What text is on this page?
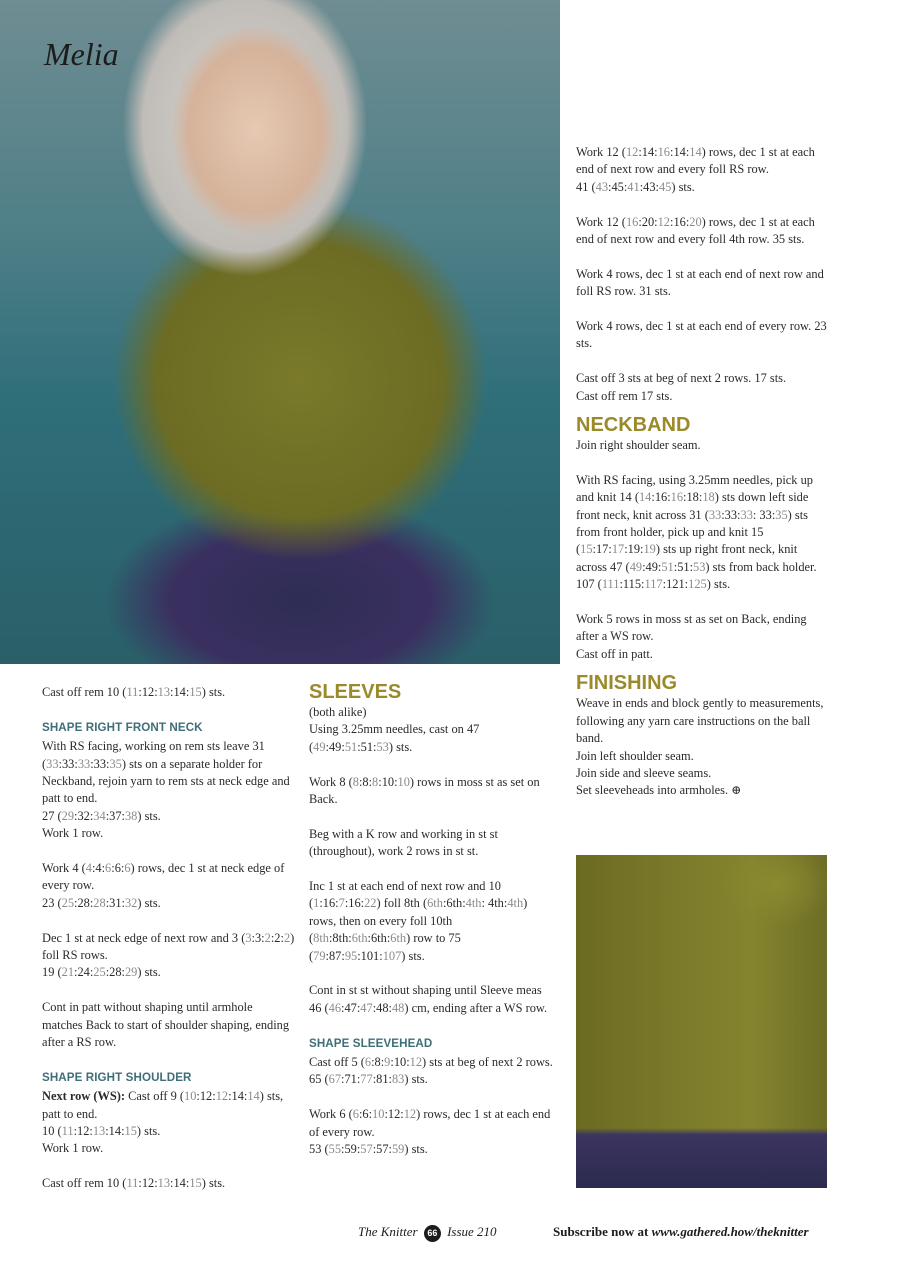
Melia

Cast off rem 10 (11:12:13:14:15) sts.

SHAPE RIGHT FRONT NECK

With RS facing, working on rem sts leave 31 (33:33:33:33:35) sts on a separate holder for Neckband, rejoin yarn to rem sts at neck edge and patt to end.

27 (29:32:34:37:38) sts.

Work 1 row.

Work 4 (4:4:6:6:6) rows, dec 1 st at neck edge of every row.

23 (25:28:28:31:32) sts.

Dec 1 st at neck edge of next row and 3 (3:3:2:2:2) foll RS rows.

19 (21:24:25:28:29) sts.

Cont in patt without shaping until armhole matches Back to start of shoulder shaping, ending after a RS row.

SHAPE RIGHT SHOULDER

Next row (WS): Cast off 9 (10:12:12:14:14) sts, patt to end.

10 (11:12:13:14:15) sts.

Work 1 row.

Cast off rem 10 (11:12:13:14:15) sts.

SLEEVES

(both alike)

Using 3.25mm needles, cast on 47 (49:49:51:51:53) sts.

Work 8 (8:8:8:10:10) rows in moss st as set on Back.

Beg with a K row and working in st st (throughout), work 2 rows in st st.

Inc 1 st at each end of next row and 10 (1:16:7:16:22) foll 8th (6th:6th:4th: 4th:4th) rows, then on every foll 10th (8th:8th:6th:6th:6th) row to 75 (79:87:95:101:107) sts.

Cont in st st without shaping until Sleeve meas 46 (46:47:47:48:48) cm, ending after a WS row.

SHAPE SLEEVEHEAD

Cast off 5 (6:8:9:10:12) sts at beg of next 2 rows.

65 (67:71:77:81:83) sts.

Work 6 (6:6:10:12:12) rows, dec 1 st at each end of every row.

53 (55:59:57:57:59) sts.

Work 12 (12:14:16:14:14) rows, dec 1 st at each end of next row and every foll RS row.

41 (43:45:41:43:45) sts.

Work 12 (16:20:12:16:20) rows, dec 1 st at each end of next row and every foll 4th row. 35 sts.

Work 4 rows, dec 1 st at each end of next row and foll RS row. 31 sts.

Work 4 rows, dec 1 st at each end of every row. 23 sts.

Cast off 3 sts at beg of next 2 rows. 17 sts.

Cast off rem 17 sts.

NECKBAND

Join right shoulder seam.

With RS facing, using 3.25mm needles, pick up and knit 14 (14:16:16:18:18) sts down left side front neck, knit across 31 (33:33:33: 33:35) sts from front holder, pick up and knit 15 (15:17:17:19:19) sts up right front neck, knit across 47 (49:49:51:51:53) sts from back holder.

107 (111:115:117:121:125) sts.

Work 5 rows in moss st as set on Back, ending after a WS row.

Cast off in patt.

FINISHING

Weave in ends and block gently to measurements, following any yarn care instructions on the ball band.

Join left shoulder seam.

Join side and sleeve seams.

Set sleeveheads into armholes. ⊕

The Knitter 66 Issue 210	Subscribe now at www.gathered.how/theknitter
